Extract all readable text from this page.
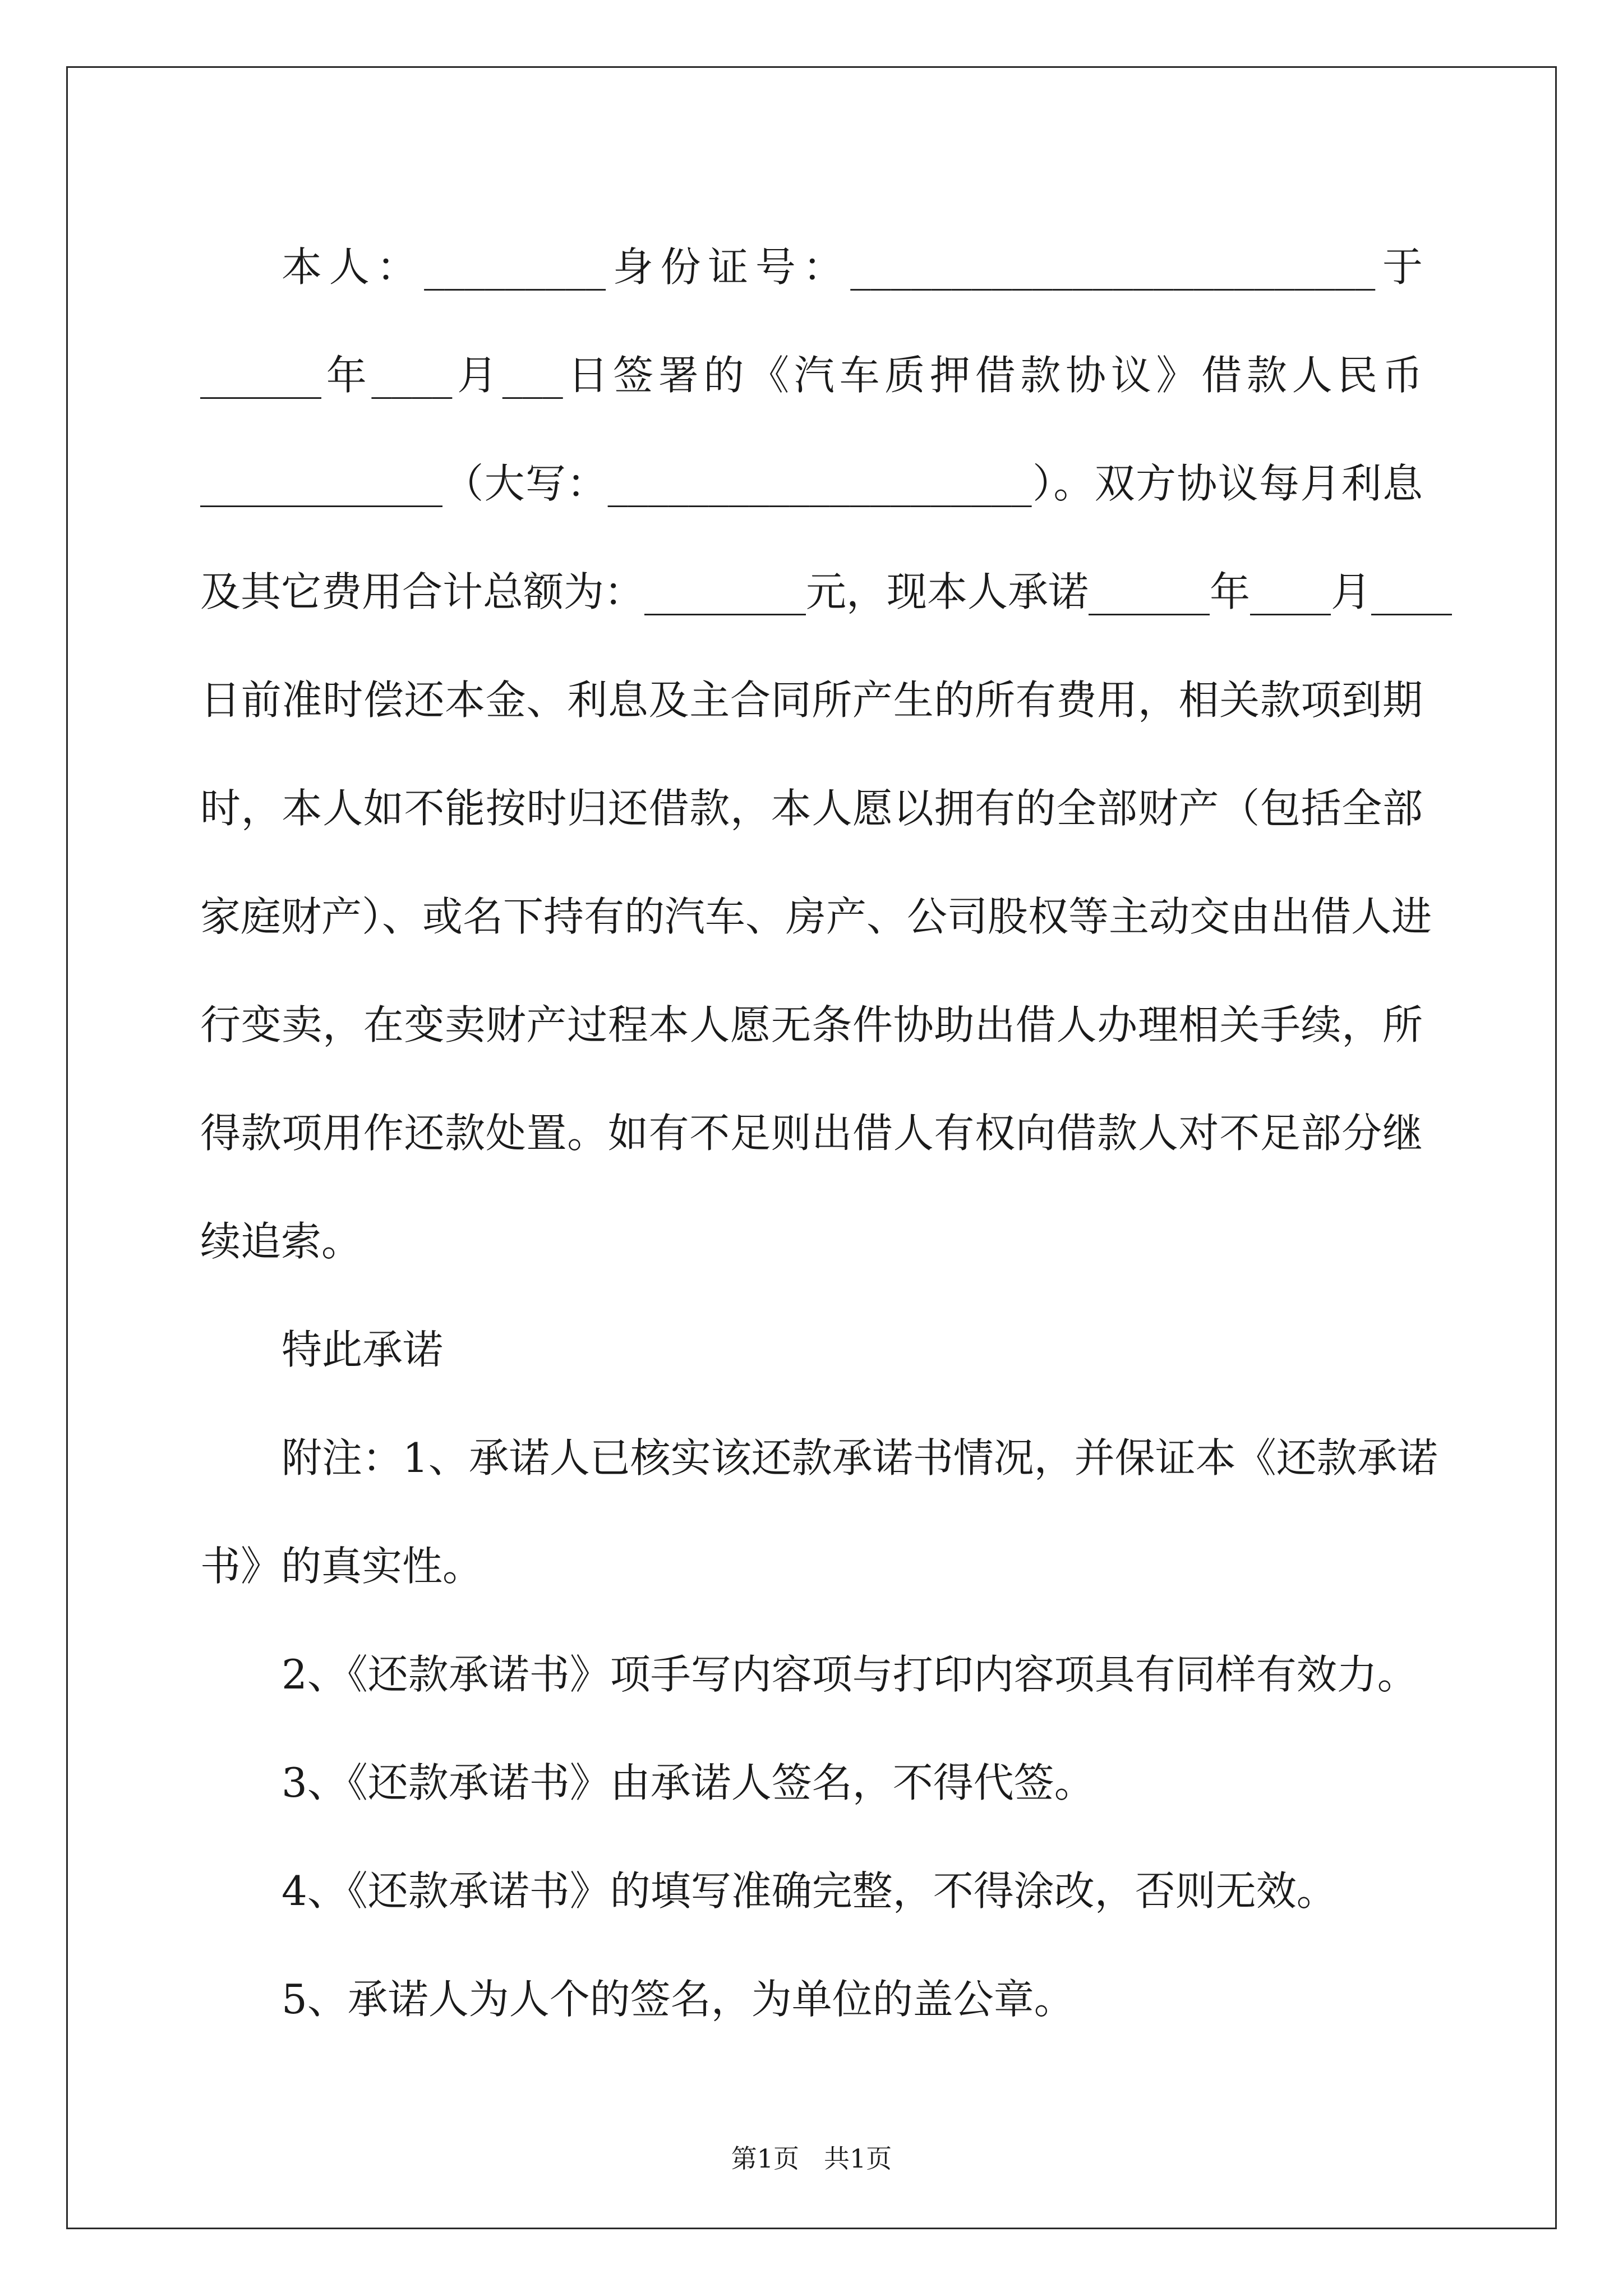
本人：_________身份证号：__________________________于
______年____月___日签署的《汽车质押借款协议》借款人民币
____________（大写：_____________________）。双方协议每月利息
及其它费用合计总额为：________元，现本人承诺______年____月____
日前准时偿还本金、利息及主合同所产生的所有费用，相关款项到期
时，本人如不能按时归还借款，本人愿以拥有的全部财产（包括全部
家庭财产）、或名下持有的汽车、房产、公司股权等主动交由出借人进
行变卖，在变卖财产过程本人愿无条件协助出借人办理相关手续，所
得款项用作还款处置。如有不足则出借人有权向借款人对不足部分继
续追索。
特此承诺
附注：1、承诺人已核实该还款承诺书情况，并保证本《还款承诺
书》的真实性。
2、《还款承诺书》项手写内容项与打印内容项具有同样有效力。
3、《还款承诺书》由承诺人签名，不得代签。
4、《还款承诺书》的填写准确完整，不得涂改，否则无效。
5、承诺人为人个的签名，为单位的盖公章。
第1页 共1页
